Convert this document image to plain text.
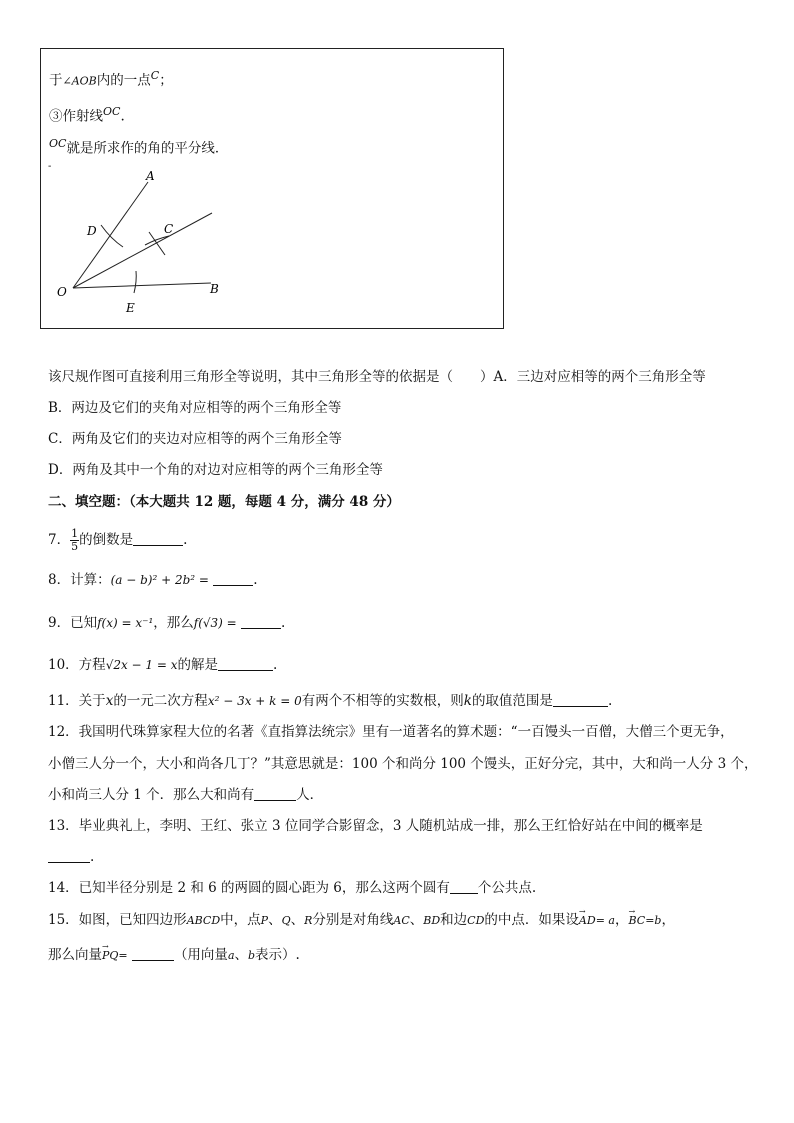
于∠AOB内的一点$^C$；
③作射线$^{OC}$.
$^{OC}$就是所求作的角的平分线．
-
A
B
C
D
E
O
该尺规作图可直接利用三角形全等说明，其中三角形全等的依据是（　　）A．三边对应相等的两个三角形全等
B．两边及它们的夹角对应相等的两个三角形全等
C．两角及它们的夹边对应相等的两个三角形全等
D．两角及其中一个角的对边对应相等的两个三角形全等
二、填空题：（本大题共 12 题，每题 4 分，满分 48 分）
7． $\frac{1}{5}$ 的倒数是	.
8．计算：(a − b)² + 2b² =	.
9．已知f(x) = x⁻¹，那么f(√3) =	.
10．方程√2x − 1 = x的解是	.
11．关于x的一元二次方程x² − 3x + k = 0有两个不相等的实数根，则k的取值范围是	.
12．我国明代珠算家程大位的名著《直指算法统宗》里有一道著名的算术题：“一百馒头一百僧，大僧三个更无争，
小僧三人分一个，大小和尚各几丁？”其意思就是：100 个和尚分 100 个馒头，正好分完，其中，大和尚一人分 3 个，
小和尚三人分 1 个．那么大和尚有	人．
13．毕业典礼上，李明、王红、张立 3 位同学合影留念，3 人随机站成一排，那么王红恰好站在中间的概率是
.
14．已知半径分别是 2 和 6 的两圆的圆心距为 6，那么这两个圆有 个公共点.
15．如图，已知四边形ABCD中，点P、Q、R分别是对角线AC、BD和边CD的中点．如果设→ AD= a，→ BC=b，
那么向量→ PQ=	（用向量a、b表示）.
